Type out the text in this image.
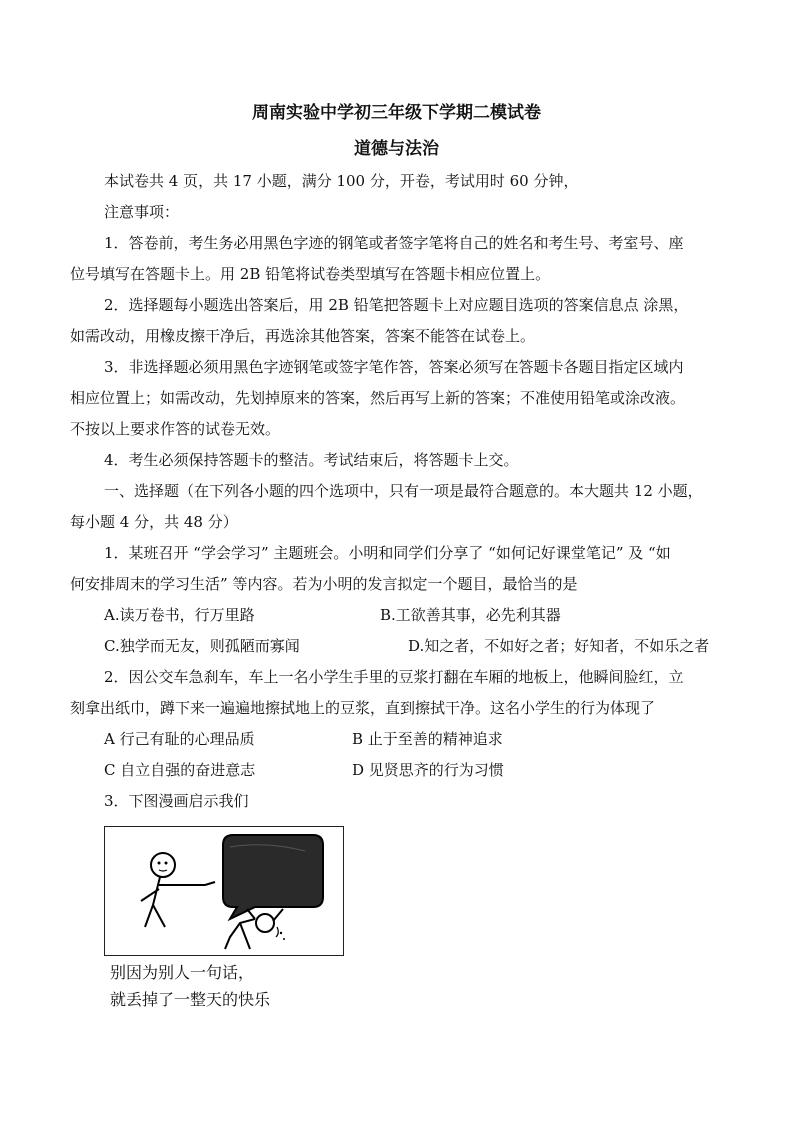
周南实验中学初三年级下学期二模试卷
道德与法治
本试卷共 4 页，共 17 小题，满分 100 分，开卷，考试用时 60 分钟，
注意事项：
1．答卷前，考生务必用黑色字迹的钢笔或者签字笔将自己的姓名和考生号、考室号、座
位号填写在答题卡上。用 2B 铅笔将试卷类型填写在答题卡相应位置上。
2．选择题每小题选出答案后，用 2B 铅笔把答题卡上对应题目选项的答案信息点 涂黑，
如需改动，用橡皮擦干净后，再选涂其他答案，答案不能答在试卷上。
3．非选择题必须用黑色字迹钢笔或签字笔作答，答案必须写在答题卡各题目指定区域内
相应位置上；如需改动，先划掉原来的答案，然后再写上新的答案；不准使用铅笔或涂改液。
不按以上要求作答的试卷无效。
4．考生必须保持答题卡的整洁。考试结束后，将答题卡上交。
一、选择题（在下列各小题的四个选项中，只有一项是最符合题意的。本大题共 12 小题，
每小题 4 分，共 48 分）
1．某班召开 “学会学习” 主题班会。小明和同学们分享了 “如何记好课堂笔记” 及 “如
何安排周末的学习生活” 等内容。若为小明的发言拟定一个题目，最恰当的是
A.读万卷书，行万里路	B.工欲善其事，必先利其器
C.独学而无友，则孤陋而寡闻	D.知之者，不如好之者；好知者，不如乐之者
2．因公交车急刹车，车上一名小学生手里的豆浆打翻在车厢的地板上，他瞬间脸红，立
刻拿出纸巾，蹲下来一遍遍地擦拭地上的豆浆，直到擦拭干净。这名小学生的行为体现了
A 行己有耻的心理品质	B 止于至善的精神追求
C 自立自强的奋进意志	D 见贤思齐的行为习惯
3．下图漫画启示我们
别因为别人一句话，
就丢掉了一整天的快乐
